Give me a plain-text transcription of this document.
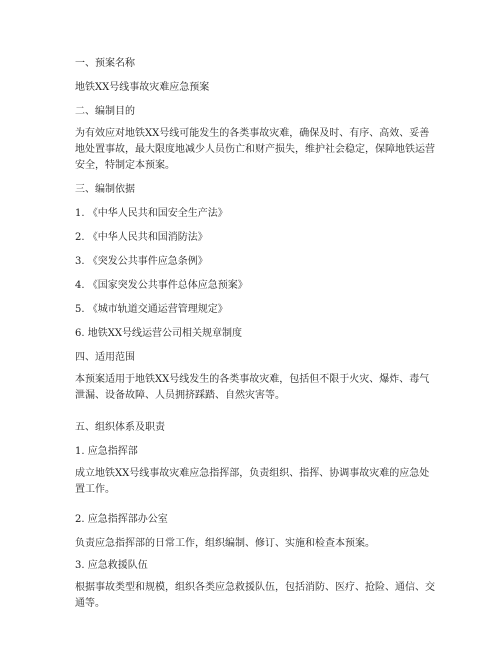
一、预案名称
地铁XX号线事故灾难应急预案
二、编制目的
为有效应对地铁XX号线可能发生的各类事故灾难，确保及时、有序、高效、妥善地处置事故，最大限度地减少人员伤亡和财产损失，维护社会稳定，保障地铁运营安全，特制定本预案。
三、编制依据
1. 《中华人民共和国安全生产法》
2. 《中华人民共和国消防法》
3. 《突发公共事件应急条例》
4. 《国家突发公共事件总体应急预案》
5. 《城市轨道交通运营管理规定》
6. 地铁XX号线运营公司相关规章制度
四、适用范围
本预案适用于地铁XX号线发生的各类事故灾难，包括但不限于火灾、爆炸、毒气泄漏、设备故障、人员拥挤踩踏、自然灾害等。
五、组织体系及职责
1. 应急指挥部
成立地铁XX号线事故灾难应急指挥部，负责组织、指挥、协调事故灾难的应急处置工作。
2. 应急指挥部办公室
负责应急指挥部的日常工作，组织编制、修订、实施和检查本预案。
3. 应急救援队伍
根据事故类型和规模，组织各类应急救援队伍，包括消防、医疗、抢险、通信、交通等。
